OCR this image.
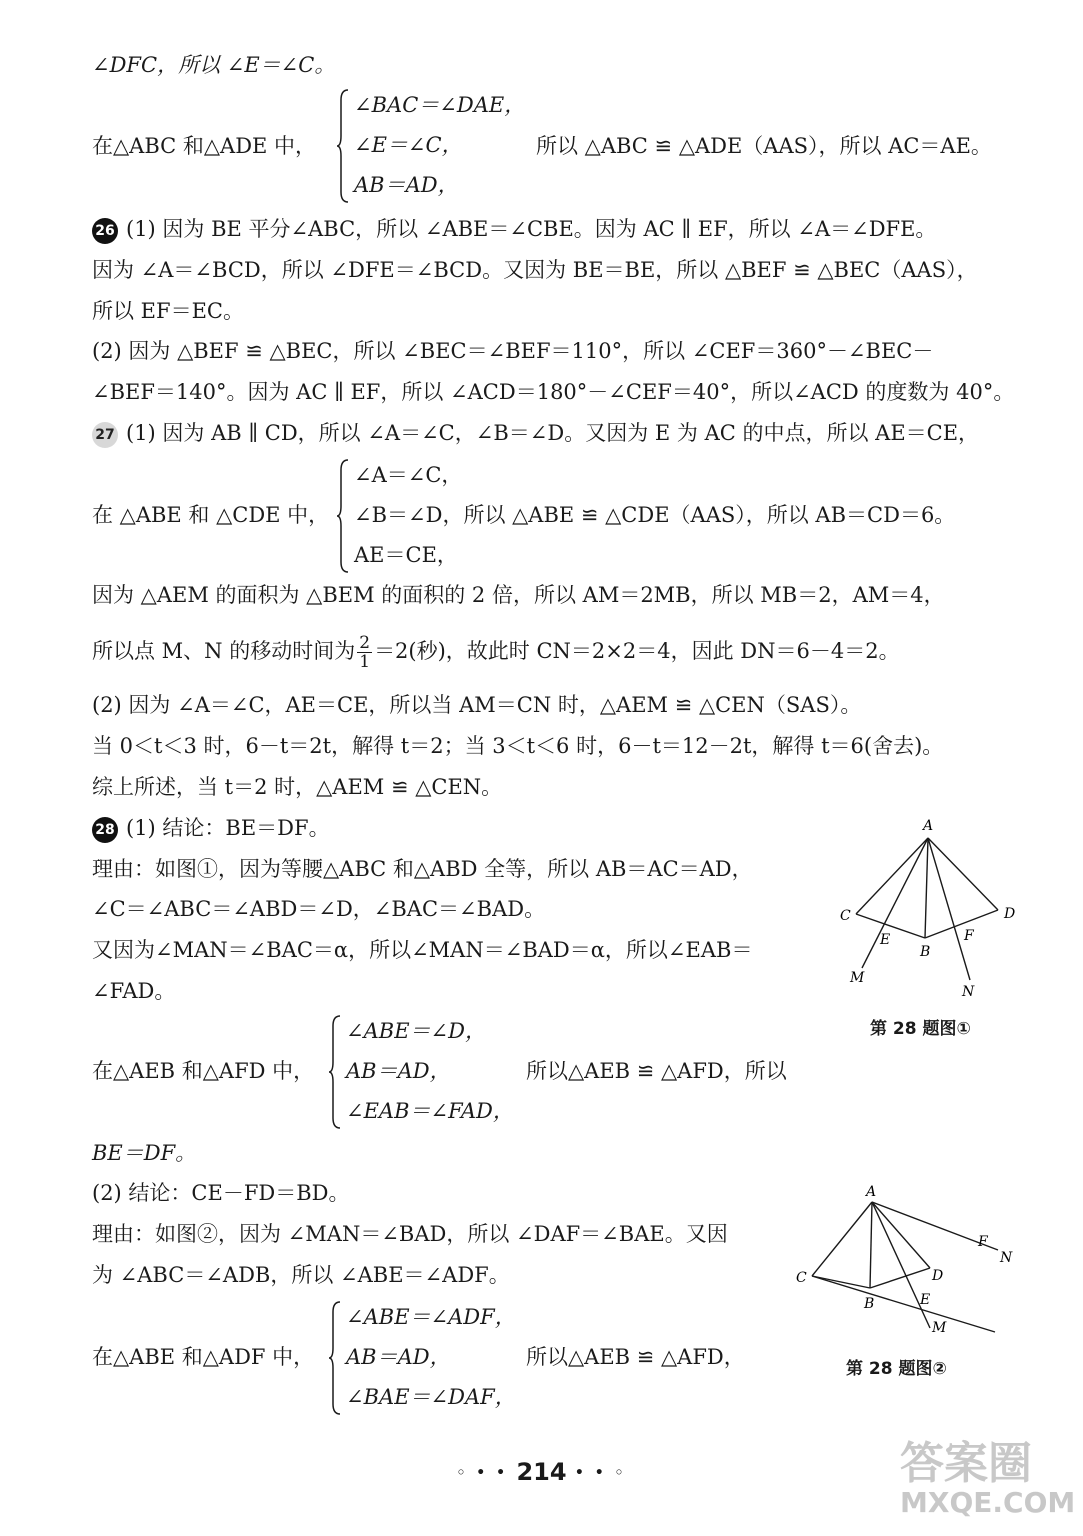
∠DFC，所以 ∠E＝∠C。
在△ABC 和△ADE 中，
∠BAC＝∠DAE，
∠E＝∠C，
AB＝AD，
所以 △ABC ≌ △ADE（AAS），所以 AC＝AE。
26 (1) 因为 BE 平分∠ABC，所以 ∠ABE＝∠CBE。因为 AC ∥ EF，所以 ∠A＝∠DFE。
因为 ∠A＝∠BCD，所以 ∠DFE＝∠BCD。又因为 BE＝BE，所以 △BEF ≌ △BEC（AAS），
所以 EF＝EC。
(2) 因为 △BEF ≌ △BEC，所以 ∠BEC＝∠BEF＝110°，所以 ∠CEF＝360°－∠BEC－
∠BEF＝140°。因为 AC ∥ EF，所以 ∠ACD＝180°－∠CEF＝40°，所以∠ACD 的度数为 40°。
27 (1) 因为 AB ∥ CD，所以 ∠A＝∠C，∠B＝∠D。又因为 E 为 AC 的中点，所以 AE＝CE，
在 △ABE 和 △CDE 中，
∠A＝∠C，
∠B＝∠D，所以 △ABE ≌ △CDE（AAS），所以 AB＝CD＝6。
AE＝CE，
因为 △AEM 的面积为 △BEM 的面积的 2 倍，所以 AM＝2MB，所以 MB＝2，AM＝4，
所以点 M、N 的移动时间为 $\frac{2}{1} =2$(秒)，故此时 CN＝2×2＝4，因此 DN＝6－4＝2。
(2) 因为 ∠A＝∠C，AE＝CE，所以当 AM＝CN 时，△AEM ≌ △CEN（SAS）。
当 0＜t＜3 时，6－t＝2t，解得 t＝2；当 3＜t＜6 时，6－t＝12－2t，解得 t＝6(舍去)。
综上所述，当 t＝2 时，△AEM ≌ △CEN。
28 (1) 结论：BE＝DF。
理由：如图①，因为等腰△ABC 和△ABD 全等，所以 AB＝AC＝AD，
∠C＝∠ABC＝∠ABD＝∠D，∠BAC＝∠BAD。
又因为∠MAN＝∠BAC＝α，所以∠MAN＝∠BAD＝α，所以∠EAB＝
∠FAD。
A
C	D
E
B
F
M
N
第 28 题图①
在△AEB 和△AFD 中，
∠ABE＝∠D，
AB＝AD，
∠EAB＝∠FAD，
所以△AEB ≌ △AFD，所以
BE＝DF。
(2) 结论：CE－FD＝BD。
理由：如图②，因为 ∠MAN＝∠BAD，所以 ∠DAF＝∠BAE。又因
为 ∠ABC＝∠ADB，所以 ∠ABE＝∠ADF。
A
F
N
C	D
B	E
M
第 28 题图②
在△ABE 和△ADF 中，
∠ABE＝∠ADF，
AB＝AD，
∠BAE＝∠DAF，
所以△AEB ≌ △AFD，
◦ • • 214 • • ◦	答案圈
MXQE.COM
